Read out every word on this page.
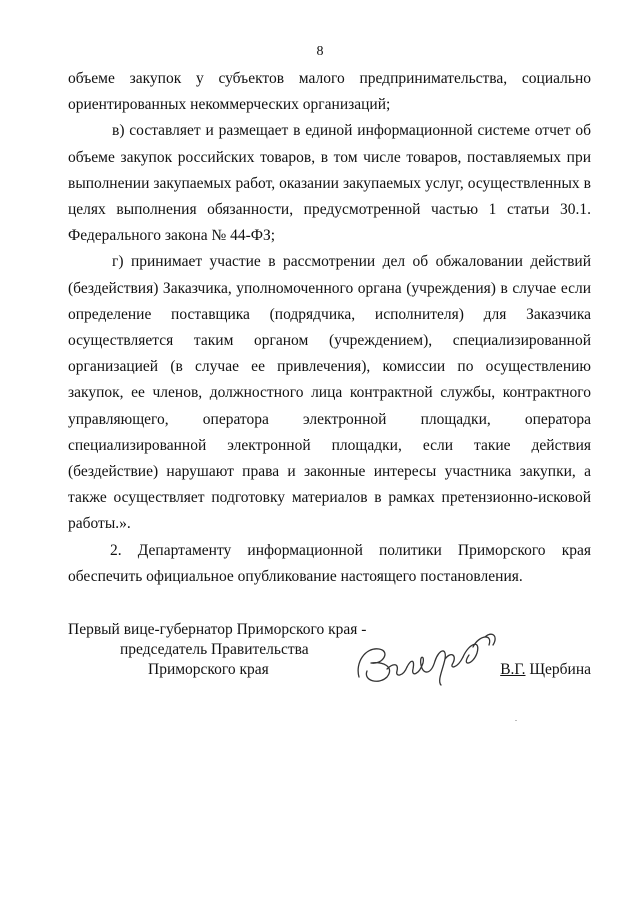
8

объеме закупок у субъектов малого предпринимательства, социально ориентированных некоммерческих организаций;

в) составляет и размещает в единой информационной системе отчет об объеме закупок российских товаров, в том числе товаров, поставляемых при выполнении закупаемых работ, оказании закупаемых услуг, осуществленных в целях выполнения обязанности, предусмотренной частью 1 статьи 30.1. Федерального закона № 44-ФЗ;

г) принимает участие в рассмотрении дел об обжаловании действий (бездействия) Заказчика, уполномоченного органа (учреждения) в случае если определение поставщика (подрядчика, исполнителя) для Заказчика осуществляется таким органом (учреждением), специализированной организацией (в случае ее привлечения), комиссии по осуществлению закупок, ее членов, должностного лица контрактной службы, контрактного управляющего, оператора электронной площадки, оператора специализированной электронной площадки, если такие действия (бездействие) нарушают права и законные интересы участника закупки, а также осуществляет подготовку материалов в рамках претензионно-исковой работы.».

2. Департаменту информационной политики Приморского края обеспечить официальное опубликование настоящего постановления.

Первый вице-губернатор Приморского края -
председатель Правительства
Приморского края	В.Г. Щербина
